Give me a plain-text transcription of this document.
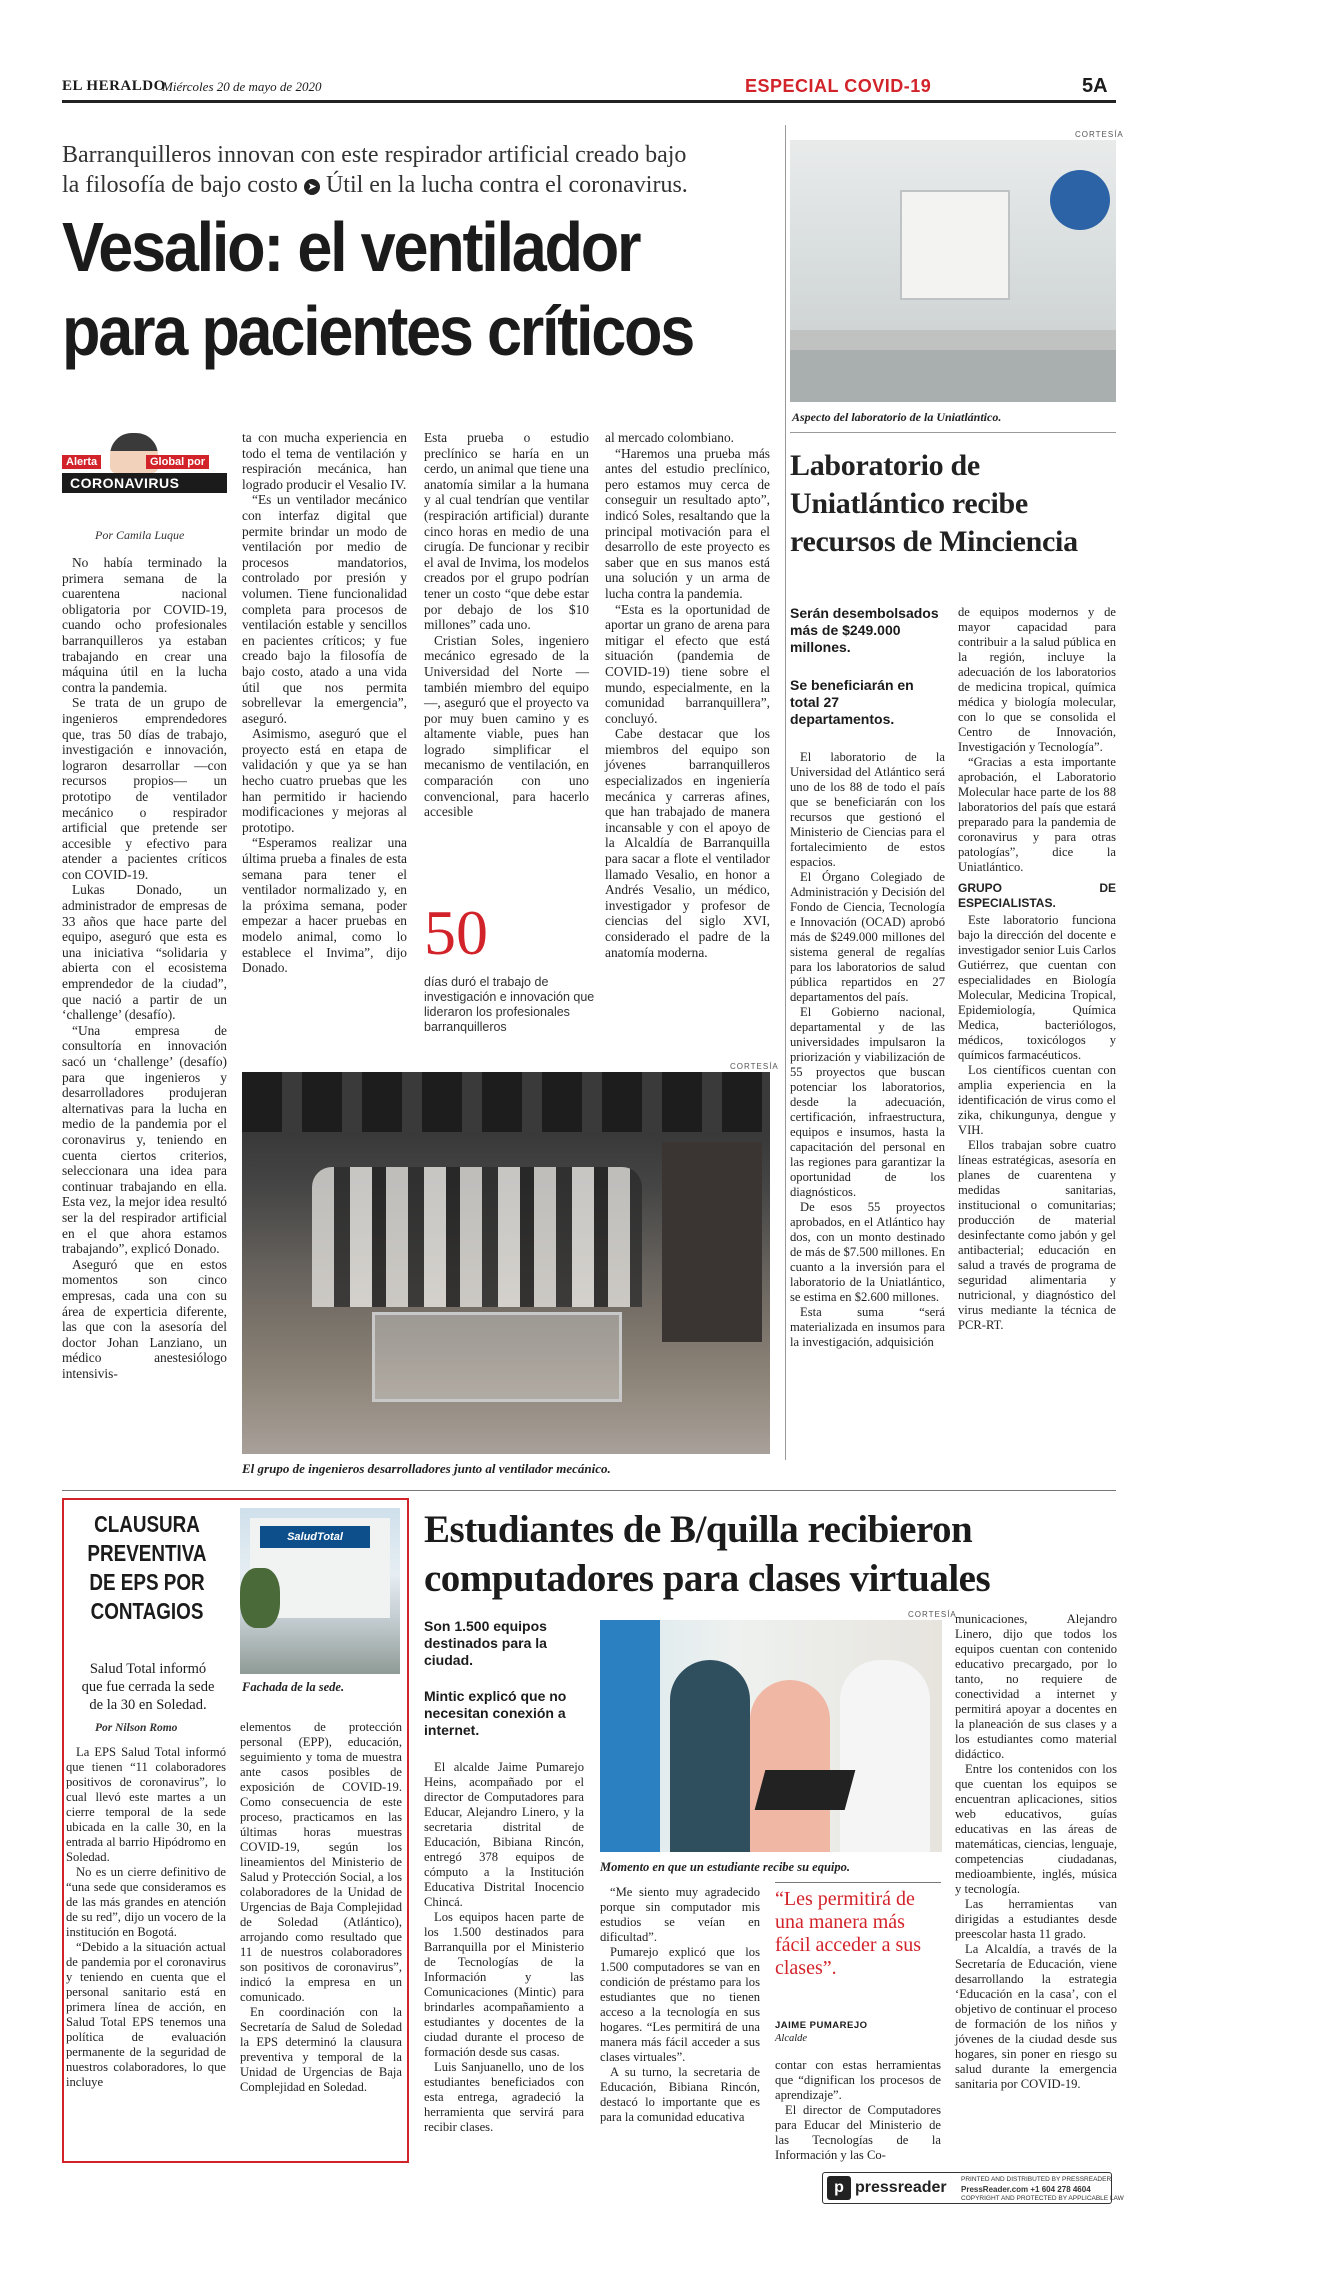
EL HERALDO
Miércoles 20 de mayo de 2020	ESPECIAL COVID-19	5A
Barranquilleros innovan con este respirador artificial creado bajo
la filosofía de bajo costo ➤ Útil en la lucha contra el coronavirus.
Vesalio: el ventilador
para pacientes críticos
Alerta	Global por
CORONAVIRUS
Por Camila Luque

No había terminado la primera semana de la cuarentena nacional obligatoria por COVID-19, cuando ocho profesionales barranquilleros ya estaban trabajando en crear una máquina útil en la lucha contra la pandemia.

Se trata de un grupo de ingenieros emprendedores que, tras 50 días de trabajo, investigación e innovación, lograron desarrollar —con recursos propios— un prototipo de ventilador mecánico o respirador artificial que pretende ser accesible y efectivo para atender a pacientes críticos con COVID-19.

Lukas Donado, un administrador de empresas de 33 años que hace parte del equipo, aseguró que esta es una iniciativa “solidaria y abierta con el ecosistema emprendedor de la ciudad”, que nació a partir de un ‘challenge’ (desafío).

“Una empresa de consultoría en innovación sacó un ‘challenge’ (desafío) para que ingenieros y desarrolladores produjeran alternativas para la lucha en medio de la pandemia por el coronavirus y, teniendo en cuenta ciertos criterios, seleccionara una idea para continuar trabajando en ella. Esta vez, la mejor idea resultó ser la del respirador artificial en el que ahora estamos trabajando”, explicó Donado.

Aseguró que en estos momentos son cinco empresas, cada una con su área de experticia diferente, las que con la asesoría del doctor Johan Lanziano, un médico anestesiólogo intensivis-

ta con mucha experiencia en todo el tema de ventilación y respiración mecánica, han logrado producir el Vesalio IV.

“Es un ventilador mecánico con interfaz digital que permite brindar un modo de ventilación por medio de procesos mandatorios, controlado por presión y volumen. Tiene funcionalidad completa para procesos de ventilación estable y sencillos en pacientes críticos; y fue creado bajo la filosofía de bajo costo, atado a una vida útil que nos permita sobrellevar la emergencia”, aseguró.

Asimismo, aseguró que el proyecto está en etapa de validación y que ya se han hecho cuatro pruebas que les han permitido ir haciendo modificaciones y mejoras al prototipo.

“Esperamos realizar una última prueba a finales de esta semana para tener el ventilador normalizado y, en la próxima semana, poder empezar a hacer pruebas en modelo animal, como lo establece el Invima”, dijo Donado.

Esta prueba o estudio preclínico se haría en un cerdo, un animal que tiene una anatomía similar a la humana y al cual tendrían que ventilar (respiración artificial) durante cinco horas en medio de una cirugía. De funcionar y recibir el aval de Invima, los modelos creados por el grupo podrían tener un costo “que debe estar por debajo de los $10 millones” cada uno.

Cristian Soles, ingeniero mecánico egresado de la Universidad del Norte —también miembro del equipo—, aseguró que el proyecto va por muy buen camino y es altamente viable, pues han logrado simplificar el mecanismo de ventilación, en comparación con uno convencional, para hacerlo accesible

al mercado colombiano.

“Haremos una prueba más antes del estudio preclínico, pero estamos muy cerca de conseguir un resultado apto”, indicó Soles, resaltando que la principal motivación para el desarrollo de este proyecto es saber que en sus manos está una solución y un arma de lucha contra la pandemia.

“Esta es la oportunidad de aportar un grano de arena para mitigar el efecto que está situación (pandemia de COVID-19) tiene sobre el mundo, especialmente, en la comunidad barranquillera”, concluyó.

Cabe destacar que los miembros del equipo son jóvenes barranquilleros especializados en ingeniería mecánica y carreras afines, que han trabajado de manera incansable y con el apoyo de la Alcaldía de Barranquilla para sacar a flote el ventilador llamado Vesalio, en honor a Andrés Vesalio, un médico, investigador y profesor de ciencias del siglo XVI, considerado el padre de la anatomía moderna.

50
días duró el trabajo de investigación e innovación que lideraron los profesionales barranquilleros
CORTESÍA
El grupo de ingenieros desarrolladores junto al ventilador mecánico.
CORTESÍA
Aspecto del laboratorio de la Uniatlántico.
Laboratorio de
Uniatlántico recibe
recursos de Minciencia
Serán desembolsados más de $249.000 millones.
Se beneficiarán en total 27 departamentos.

El laboratorio de la Universidad del Atlántico será uno de los 88 de todo el país que se beneficiarán con los recursos que gestionó el Ministerio de Ciencias para el fortalecimiento de estos espacios.

El Órgano Colegiado de Administración y Decisión del Fondo de Ciencia, Tecnología e Innovación (OCAD) aprobó más de $249.000 millones del sistema general de regalías para los laboratorios de salud pública repartidos en 27 departamentos del país.

El Gobierno nacional, departamental y de las universidades impulsaron la priorización y viabilización de 55 proyectos que buscan potenciar los laboratorios, desde la adecuación, certificación, infraestructura, equipos e insumos, hasta la capacitación del personal en las regiones para garantizar la oportunidad de los diagnósticos.

De esos 55 proyectos aprobados, en el Atlántico hay dos, con un monto destinado de más de $7.500 millones. En cuanto a la inversión para el laboratorio de la Uniatlántico, se estima en $2.600 millones.

Esta suma “será materializada en insumos para la investigación, adquisición

de equipos modernos y de mayor capacidad para contribuir a la salud pública en la región, incluye la adecuación de los laboratorios de medicina tropical, química médica y biología molecular, con lo que se consolida el Centro de Innovación, Investigación y Tecnología”.

“Gracias a esta importante aprobación, el Laboratorio Molecular hace parte de los 88 laboratorios del país que estará preparado para la pandemia de coronavirus y para otras patologías”, dice la Uniatlántico.

GRUPO DE ESPECIALISTAS.

Este laboratorio funciona bajo la dirección del docente e investigador senior Luis Carlos Gutiérrez, que cuentan con especialidades en Biología Molecular, Medicina Tropical, Epidemiología, Química Medica, bacteriólogos, médicos, toxicólogos y químicos farmacéuticos.

Los científicos cuentan con amplia experiencia en la identificación de virus como el zika, chikungunya, dengue y VIH.

Ellos trabajan sobre cuatro líneas estratégicas, asesoría en planes de cuarentena y medidas sanitarias, institucional o comunitarias; producción de material desinfectante como jabón y gel antibacterial; educación en salud a través de programa de seguridad alimentaria y nutricional, y diagnóstico del virus mediante la técnica de PCR-RT.

CLAUSURA
PREVENTIVA
DE EPS POR
CONTAGIOS
Salud Total informó que fue cerrada la sede de la 30 en Soledad.
SaludTotal
Fachada de la sede.
Por Nilson Romo

La EPS Salud Total informó que tienen “11 colaboradores positivos de coronavirus”, lo cual llevó este martes a un cierre temporal de la sede ubicada en la calle 30, en la entrada al barrio Hipódromo en Soledad.

No es un cierre definitivo de “una sede que consideramos es de las más grandes en atención de su red”, dijo un vocero de la institución en Bogotá.

“Debido a la situación actual de pandemia por el coronavirus y teniendo en cuenta que el personal sanitario está en primera línea de acción, en Salud Total EPS tenemos una política de evaluación permanente de la seguridad de nuestros colaboradores, lo que incluye

elementos de protección personal (EPP), educación, seguimiento y toma de muestra ante casos posibles de exposición de COVID-19. Como consecuencia de este proceso, practicamos en las últimas horas muestras COVID-19, según los lineamientos del Ministerio de Salud y Protección Social, a los colaboradores de la Unidad de Urgencias de Baja Complejidad de Soledad (Atlántico), arrojando como resultado que 11 de nuestros colaboradores son positivos de coronavirus”, indicó la empresa en un comunicado.

En coordinación con la Secretaría de Salud de Soledad la EPS determinó la clausura preventiva y temporal de la Unidad de Urgencias de Baja Complejidad en Soledad.

Estudiantes de B/quilla recibieron
computadores para clases virtuales
Son 1.500 equipos destinados para la ciudad.
Mintic explicó que no necesitan conexión a internet.

El alcalde Jaime Pumarejo Heins, acompañado por el director de Computadores para Educar, Alejandro Linero, y la secretaria distrital de Educación, Bibiana Rincón, entregó 378 equipos de cómputo a la Institución Educativa Distrital Inocencio Chincá.

Los equipos hacen parte de los 1.500 destinados para Barranquilla por el Ministerio de Tecnologías de la Información y las Comunicaciones (Mintic) para brindarles acompañamiento a estudiantes y docentes de la ciudad durante el proceso de formación desde sus casas.

Luis Sanjuanello, uno de los estudiantes beneficiados con esta entrega, agradeció la herramienta que servirá para recibir clases.

CORTESÍA
Momento en que un estudiante recibe su equipo.

“Me siento muy agradecido porque sin computador mis estudios se veían en dificultad”.

Pumarejo explicó que los 1.500 computadores se van en condición de préstamo para los estudiantes que no tienen acceso a la tecnología en sus hogares. “Les permitirá de una manera más fácil acceder a sus clases virtuales”.

A su turno, la secretaria de Educación, Bibiana Rincón, destacó lo importante que es para la comunidad educativa

“Les permitirá de una manera más fácil acceder a sus clases”.
JAIME PUMAREJO
Alcalde

contar con estas herramientas que “dignifican los procesos de aprendizaje”.

El director de Computadores para Educar del Ministerio de las Tecnologías de la Información y las Co-

municaciones, Alejandro Linero, dijo que todos los equipos cuentan con contenido educativo precargado, por lo tanto, no requiere de conectividad a internet y permitirá apoyar a docentes en la planeación de sus clases y a los estudiantes como material didáctico.

Entre los contenidos con los que cuentan los equipos se encuentran aplicaciones, sitios web educativos, guías educativas en las áreas de matemáticas, ciencias, lenguaje, competencias ciudadanas, medioambiente, inglés, música y tecnología.

Las herramientas van dirigidas a estudiantes desde preescolar hasta 11 grado.

La Alcaldía, a través de la Secretaría de Educación, viene desarrollando la estrategia ‘Educación en la casa’, con el objetivo de continuar el proceso de formación de los niños y jóvenes de la ciudad desde sus hogares, sin poner en riesgo su salud durante la emergencia sanitaria por COVID-19.

p pressreader PRINTED AND DISTRIBUTED BY PRESSREADER
PressReader.com +1 604 278 4604
COPYRIGHT AND PROTECTED BY APPLICABLE LAW
